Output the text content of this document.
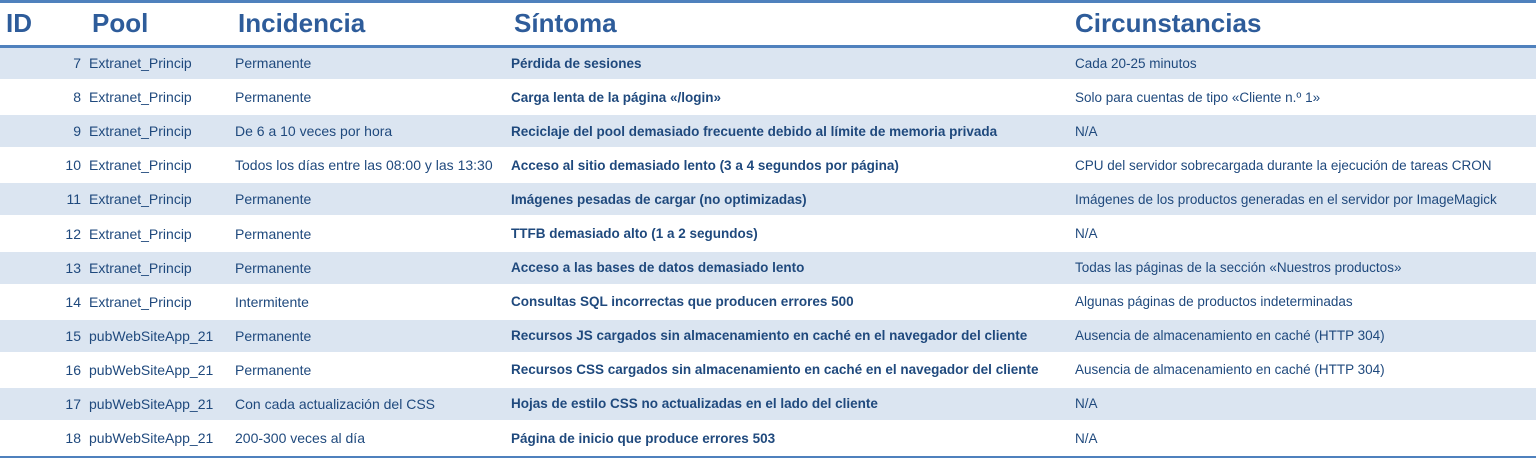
ID	Pool	Incidencia	Síntoma	Circunstancias
7	Extranet_Princip	Permanente	Pérdida de sesiones	Cada 20-25 minutos
8	Extranet_Princip	Permanente	Carga lenta de la página «/login»	Solo para cuentas de tipo «Cliente n.º 1»
9	Extranet_Princip	De 6 a 10 veces por hora	Reciclaje del pool demasiado frecuente debido al límite de memoria privada	N/A
10	Extranet_Princip	Todos los días entre las 08:00 y las 13:30	Acceso al sitio demasiado lento (3 a 4 segundos por página)	CPU del servidor sobrecargada durante la ejecución de tareas CRON
11	Extranet_Princip	Permanente	Imágenes pesadas de cargar (no optimizadas)	Imágenes de los productos generadas en el servidor por ImageMagick
12	Extranet_Princip	Permanente	TTFB demasiado alto (1 a 2 segundos)	N/A
13	Extranet_Princip	Permanente	Acceso a las bases de datos demasiado lento	Todas las páginas de la sección «Nuestros productos»
14	Extranet_Princip	Intermitente	Consultas SQL incorrectas que producen errores 500	Algunas páginas de productos indeterminadas
15	pubWebSiteApp_21	Permanente	Recursos JS cargados sin almacenamiento en caché en el navegador del cliente	Ausencia de almacenamiento en caché (HTTP 304)
16	pubWebSiteApp_21	Permanente	Recursos CSS cargados sin almacenamiento en caché en el navegador del cliente	Ausencia de almacenamiento en caché (HTTP 304)
17	pubWebSiteApp_21	Con cada actualización del CSS	Hojas de estilo CSS no actualizadas en el lado del cliente	N/A
18	pubWebSiteApp_21	200-300 veces al día	Página de inicio que produce errores 503	N/A
